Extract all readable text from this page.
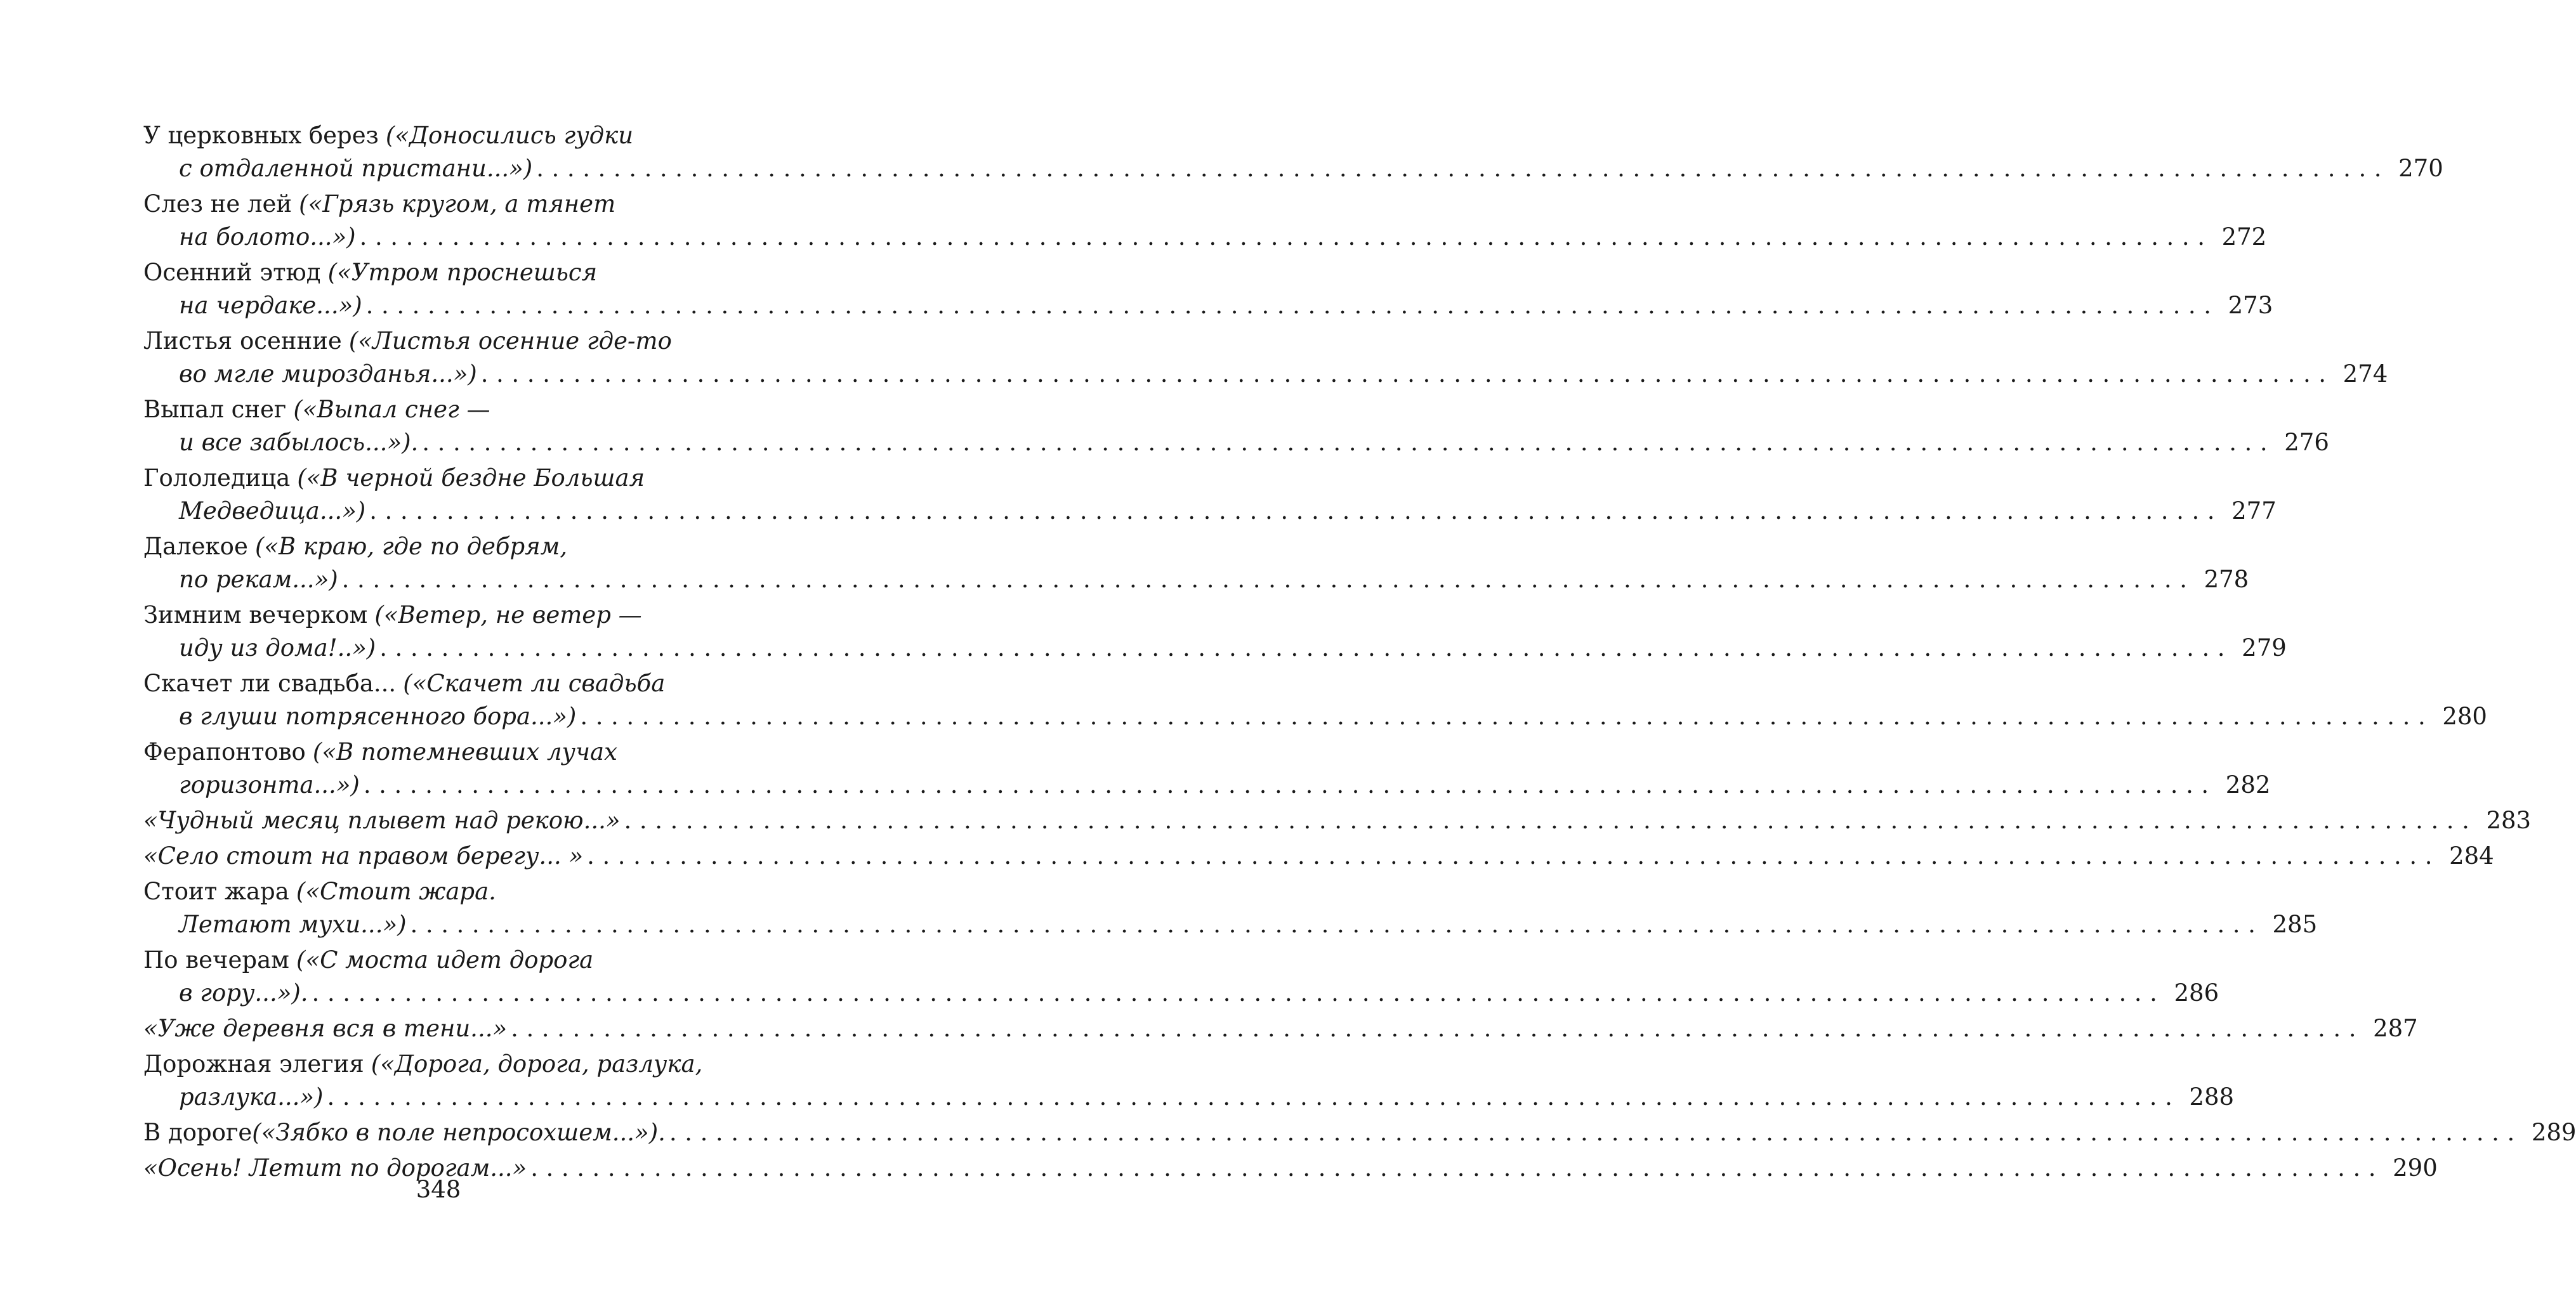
У церковных берез («Доносились гудки
с отдаленной пристани...») ........................................................................................................................ 270
Слез не лей («Грязь кругом, а тянет
на болото...») ........................................................................................................................ 272
Осенний этюд («Утром проснешься
на чердаке...») ........................................................................................................................ 273
Листья осенние («Листья осенние где-то
во мгле мирозданья...») ........................................................................................................................ 274
Выпал снег («Выпал снег —
и все забылось...»). ........................................................................................................................ 276
Гололедица («В черной бездне Большая
Медведица...») ........................................................................................................................ 277
Далекое («В краю, где по дебрям,
по рекам...») ........................................................................................................................ 278
Зимним вечерком («Ветер, не ветер —
иду из дома!..») ........................................................................................................................ 279
Скачет ли свадьба... («Скачет ли свадьба
в глуши потрясенного бора...») ........................................................................................................................ 280
Ферапонтово («В потемневших лучах
горизонта...») ........................................................................................................................ 282
«Чудный месяц плывет над рекою...» ........................................................................................................................ 283
«Село стоит на правом берегу... » ........................................................................................................................ 284
Стоит жара («Стоит жара.
Летают мухи...») ........................................................................................................................ 285
По вечерам («С моста идет дорога
в гору...»). ........................................................................................................................ 286
«Уже деревня вся в тени...» ........................................................................................................................ 287
Дорожная элегия («Дорога, дорога, разлука,
разлука...») ........................................................................................................................ 288
В дороге («Зябко в поле непросохшем...»). ........................................................................................................................ 289
«Осень! Летит по дорогам...» ........................................................................................................................ 290
348
